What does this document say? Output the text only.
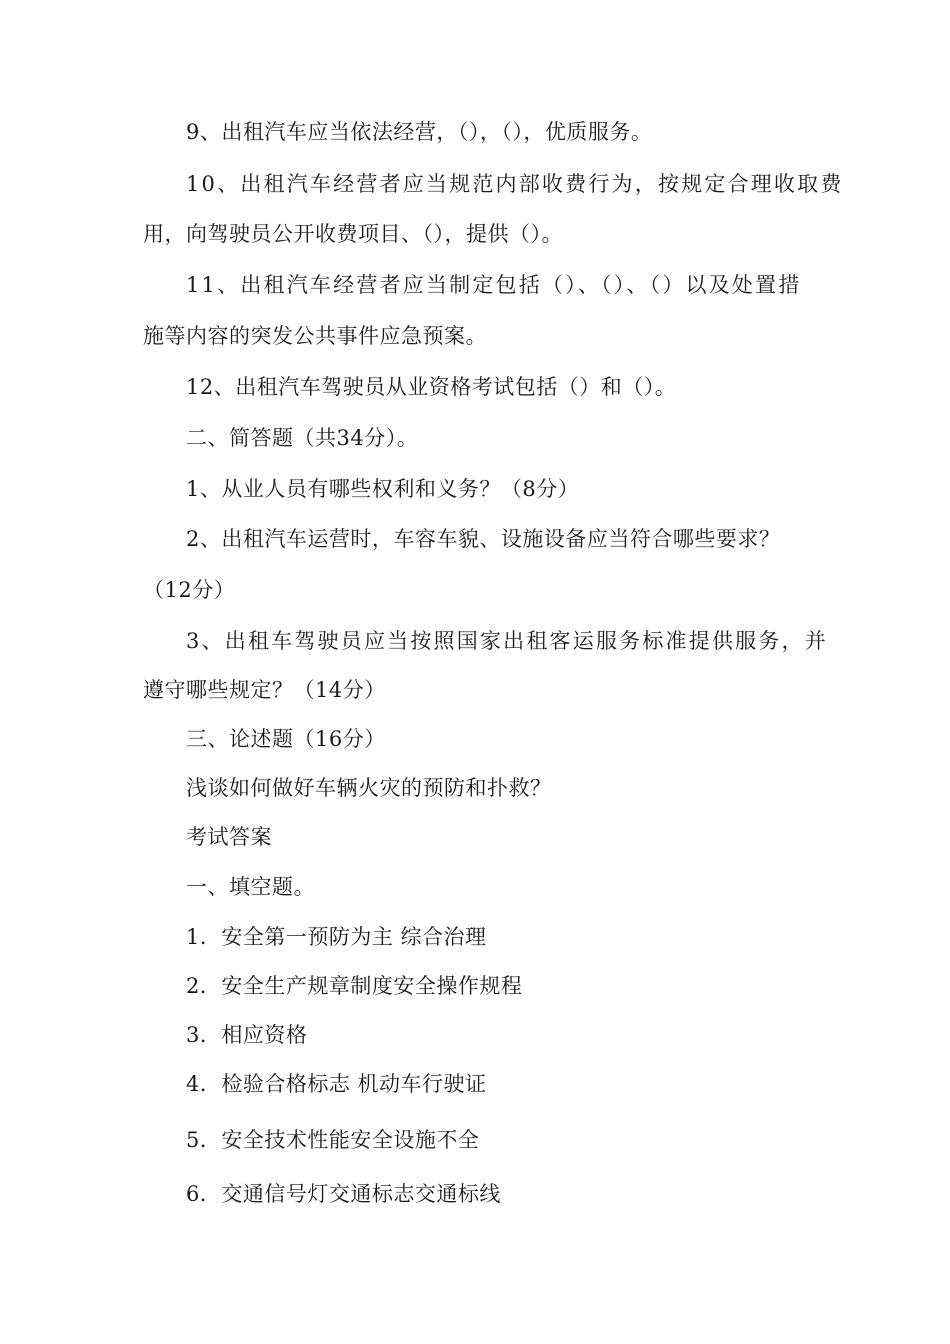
9、出租汽车应当依法经营，（），（），优质服务。
10、出租汽车经营者应当规范内部收费行为，按规定合理收取费
用，向驾驶员公开收费项目、（），提供（）。
11、出租汽车经营者应当制定包括（）、（）、（）以及处置措
施等内容的突发公共事件应急预案。
12、出租汽车驾驶员从业资格考试包括（）和（）。
二、简答题（共34分）。
1、从业人员有哪些权利和义务？（8分）
2、出租汽车运营时，车容车貌、设施设备应当符合哪些要求？
（12分）
3、出租车驾驶员应当按照国家出租客运服务标准提供服务，并
遵守哪些规定？（14分）
三、论述题（16分）
浅谈如何做好车辆火灾的预防和扑救？
考试答案
一、填空题。
1．安全第一预防为主 综合治理
2．安全生产规章制度安全操作规程
3．相应资格
4．检验合格标志 机动车行驶证
5．安全技术性能安全设施不全
6．交通信号灯交通标志交通标线
